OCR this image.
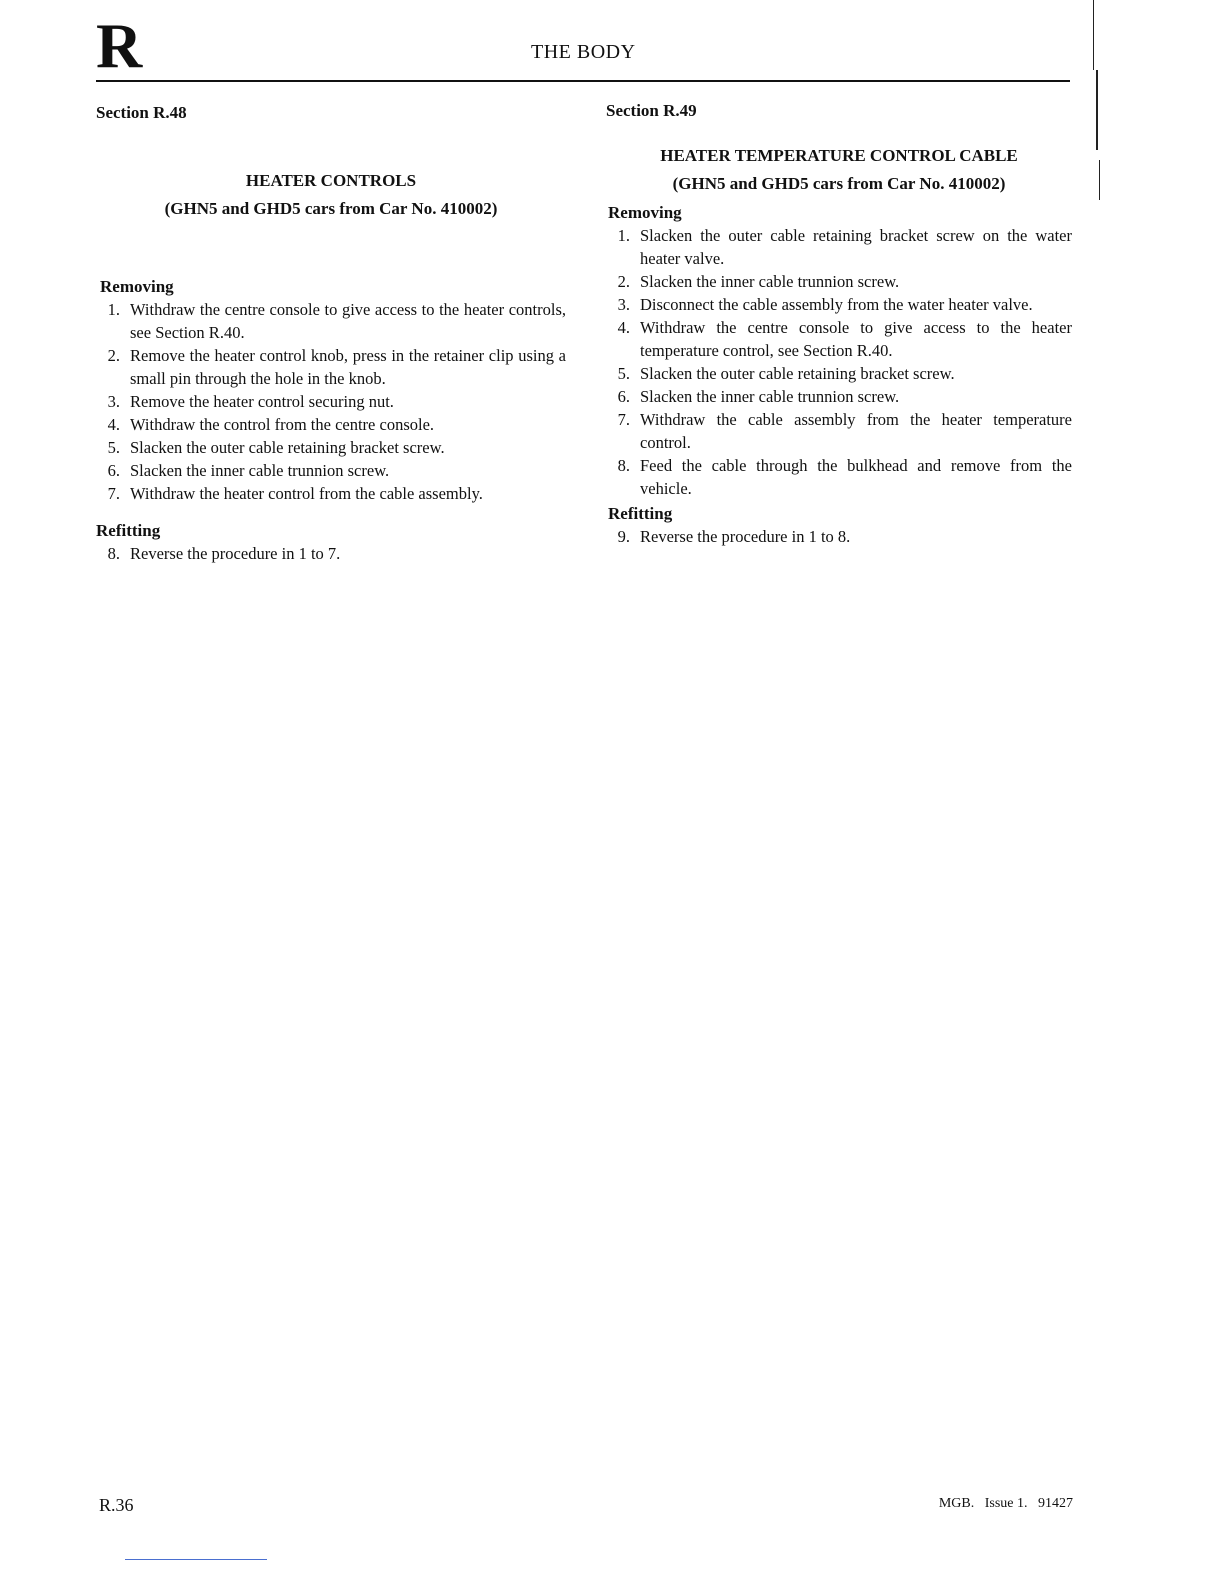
R	THE BODY

Section R.48

HEATER CONTROLS

(GHN5 and GHD5 cars from Car No. 410002)

Removing

1. Withdraw the centre console to give access to the heater controls, see Section R.40.
2. Remove the heater control knob, press in the retainer clip using a small pin through the hole in the knob.
3. Remove the heater control securing nut.
4. Withdraw the control from the centre console.
5. Slacken the outer cable retaining bracket screw.
6. Slacken the inner cable trunnion screw.
7. Withdraw the heater control from the cable assembly.

Refitting

8. Reverse the procedure in 1 to 7.

Section R.49

HEATER TEMPERATURE CONTROL CABLE

(GHN5 and GHD5 cars from Car No. 410002)

Removing

1. Slacken the outer cable retaining bracket screw on the water heater valve.
2. Slacken the inner cable trunnion screw.
3. Disconnect the cable assembly from the water heater valve.
4. Withdraw the centre console to give access to the heater temperature control, see Section R.40.
5. Slacken the outer cable retaining bracket screw.
6. Slacken the inner cable trunnion screw.
7. Withdraw the cable assembly from the heater temperature control.
8. Feed the cable through the bulkhead and remove from the vehicle.

Refitting

9. Reverse the procedure in 1 to 8.
R.36	MGB.   Issue 1.   91427
